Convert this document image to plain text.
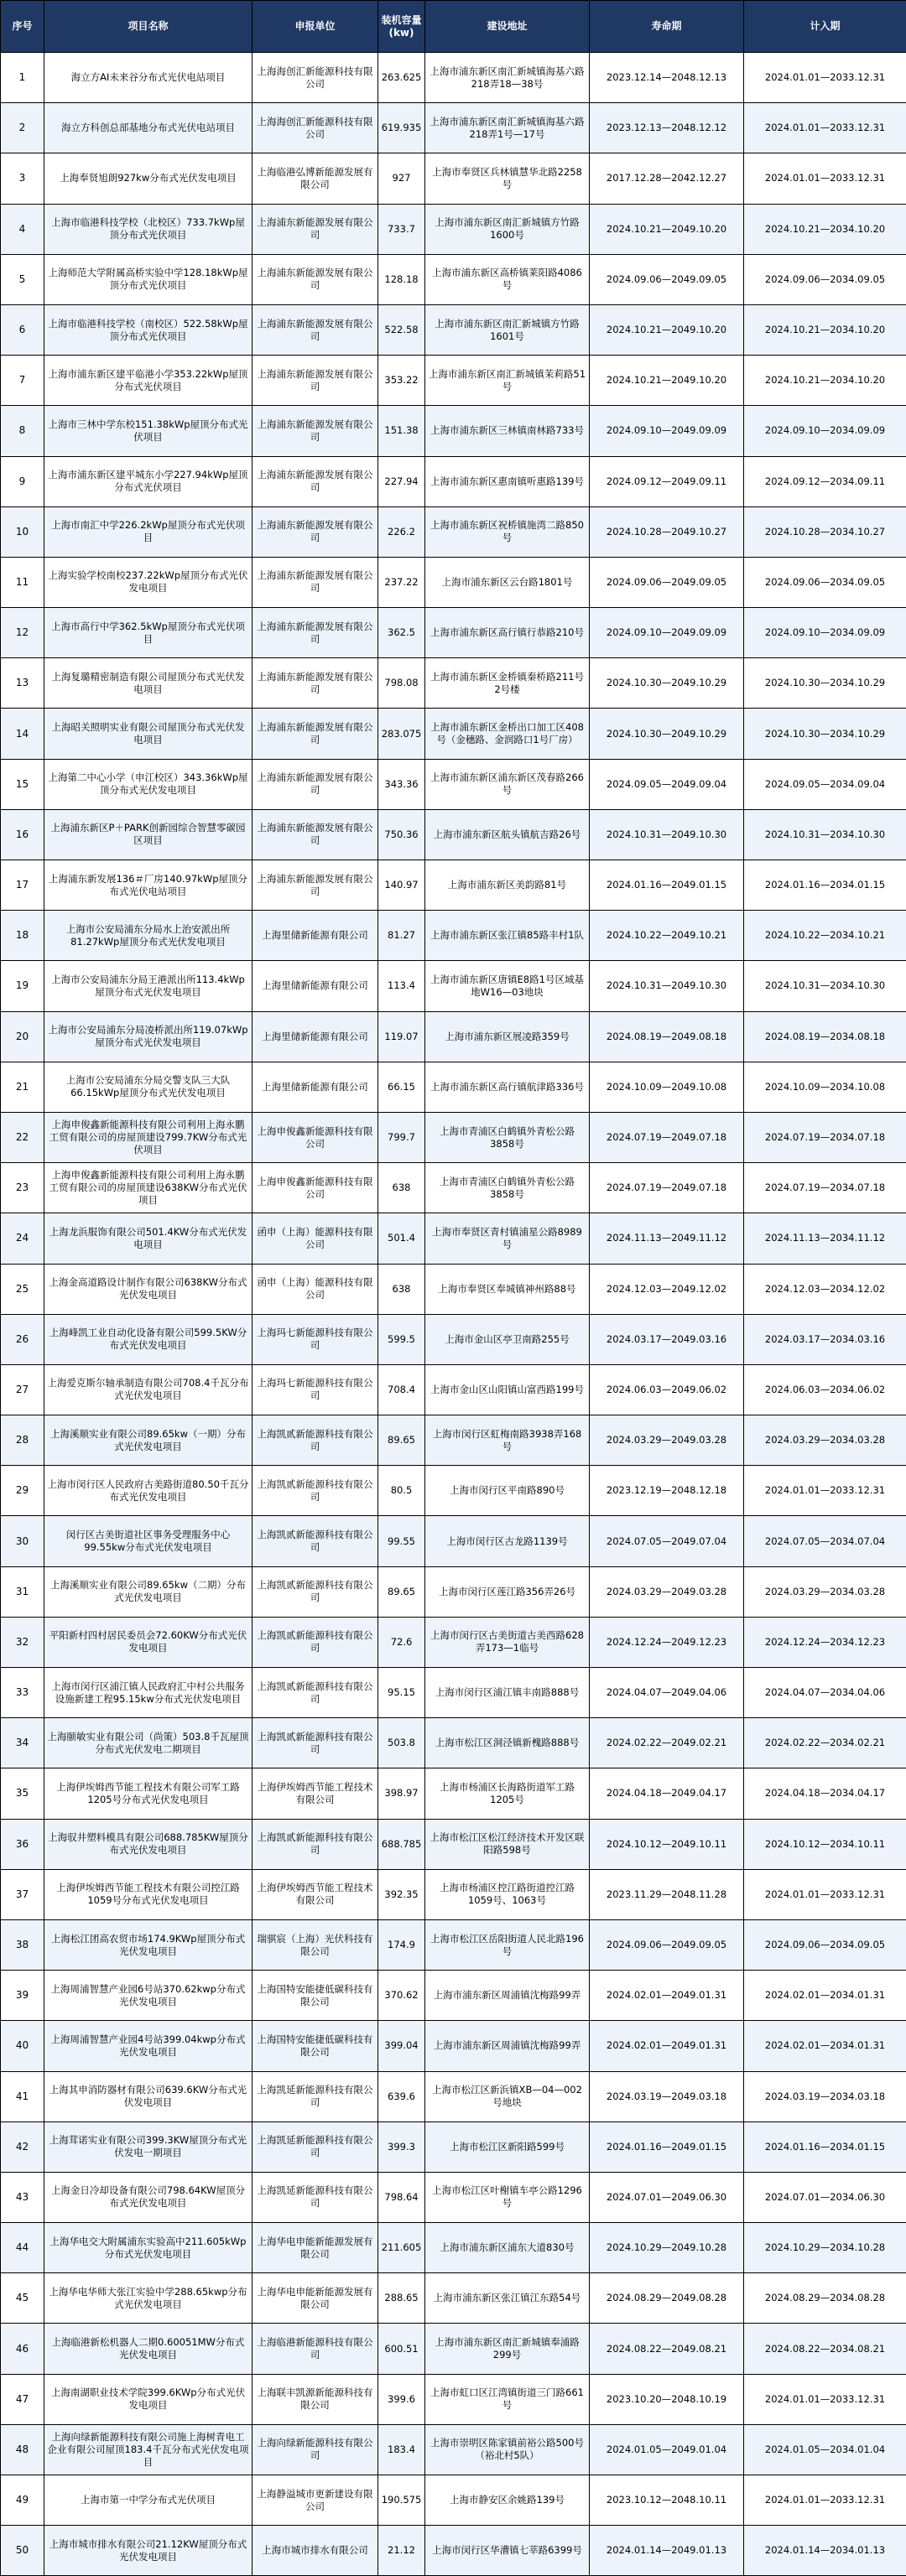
序号	项目名称	申报单位	装机容量(kw)	建设地址	寿命期	计入期
1	海立方AI未来谷分布式光伏电站项目	上海海创汇新能源科技有限公司	263.625	上海市浦东新区南汇新城镇海基六路218弄18—38号	2023.12.14—2048.12.13	2024.01.01—2033.12.31
2	海立方科创总部基地分布式光伏电站项目	上海海创汇新能源科技有限公司	619.935	上海市浦东新区南汇新城镇海基六路218弄1号—17号	2023.12.13—2048.12.12	2024.01.01—2033.12.31
3	上海奉贤旭朗927kw分布式光伏发电项目	上海临港弘博新能源发展有限公司	927	上海市奉贤区兵林镇慧华北路2258号	2017.12.28—2042.12.27	2024.01.01—2033.12.31
4	上海市临港科技学校（北校区）733.7kWp屋顶分布式光伏项目	上海浦东新能源发展有限公司	733.7	上海市浦东新区南汇新城镇方竹路1600号	2024.10.21—2049.10.20	2024.10.21—2034.10.20
5	上海师范大学附属高桥实验中学128.18kWp屋顶分布式光伏项目	上海浦东新能源发展有限公司	128.18	上海市浦东新区高桥镇莱阳路4086号	2024.09.06—2049.09.05	2024.09.06—2034.09.05
6	上海市临港科技学校（南校区）522.58kWp屋顶分布式光伏项目	上海浦东新能源发展有限公司	522.58	上海市浦东新区南汇新城镇方竹路1601号	2024.10.21—2049.10.20	2024.10.21—2034.10.20
7	上海市浦东新区建平临港小学353.22kWp屋顶分布式光伏项目	上海浦东新能源发展有限公司	353.22	上海市浦东新区南汇新城镇茉莉路51号	2024.10.21—2049.10.20	2024.10.21—2034.10.20
8	上海市三林中学东校151.38kWp屋顶分布式光伏项目	上海浦东新能源发展有限公司	151.38	上海市浦东新区三林镇南林路733号	2024.09.10—2049.09.09	2024.09.10—2034.09.09
9	上海市浦东新区建平城东小学227.94kWp屋顶分布式光伏项目	上海浦东新能源发展有限公司	227.94	上海市浦东新区惠南镇听惠路139号	2024.09.12—2049.09.11	2024.09.12—2034.09.11
10	上海市南汇中学226.2kWp屋顶分布式光伏项目	上海浦东新能源发展有限公司	226.2	上海市浦东新区祝桥镇施湾二路850号	2024.10.28—2049.10.27	2024.10.28—2034.10.27
11	上海实验学校南校237.22kWp屋顶分布式光伏发电项目	上海浦东新能源发展有限公司	237.22	上海市浦东新区云台路1801号	2024.09.06—2049.09.05	2024.09.06—2034.09.05
12	上海市高行中学362.5kWp屋顶分布式光伏项目	上海浦东新能源发展有限公司	362.5	上海市浦东新区高行镇行恭路210号	2024.09.10—2049.09.09	2024.09.10—2034.09.09
13	上海复璐精密制造有限公司屋顶分布式光伏发电项目	上海浦东新能源发展有限公司	798.08	上海市浦东新区金桥镇秦桥路211号2号楼	2024.10.30—2049.10.29	2024.10.30—2034.10.29
14	上海昭关照明实业有限公司屋顶分布式光伏发电项目	上海浦东新能源发展有限公司	283.075	上海市浦东新区金桥出口加工区408号（金穗路、金润路口1号厂房）	2024.10.30—2049.10.29	2024.10.30—2034.10.29
15	上海第二中心小学（申江校区）343.36kWp屋顶分布式光伏发电项目	上海浦东新能源发展有限公司	343.36	上海市浦东新区浦东新区茂春路266号	2024.09.05—2049.09.04	2024.09.05—2034.09.04
16	上海浦东新区P＋PARK创新园综合智慧零碳园区项目	上海浦东新能源发展有限公司	750.36	上海市浦东新区航头镇航吉路26号	2024.10.31—2049.10.30	2024.10.31—2034.10.30
17	上海浦东新发展136＃厂房140.97kWp屋顶分布式光伏电站项目	上海浦东新能源发展有限公司	140.97	上海市浦东新区美韵路81号	2024.01.16—2049.01.15	2024.01.16—2034.01.15
18	上海市公安局浦东分局水上治安派出所81.27kWp屋顶分布式光伏发电项目	上海里储新能源有限公司	81.27	上海市浦东新区张江镇85路丰村1队	2024.10.22—2049.10.21	2024.10.22—2034.10.21
19	上海市公安局浦东分局王港派出所113.4kWp屋顶分布式光伏发电项目	上海里储新能源有限公司	113.4	上海市浦东新区唐镇E8路1号区域基地W16—03地块	2024.10.31—2049.10.30	2024.10.31—2034.10.30
20	上海市公安局浦东分局凌桥派出所119.07kWp屋顶分布式光伏发电项目	上海里储新能源有限公司	119.07	上海市浦东新区展凌路359号	2024.08.19—2049.08.18	2024.08.19—2034.08.18
21	上海市公安局浦东分局交警支队三大队66.15kWp屋顶分布式光伏发电项目	上海里储新能源有限公司	66.15	上海市浦东新区高行镇航津路336号	2024.10.09—2049.10.08	2024.10.09—2034.10.08
22	上海申俊鑫新能源科技有限公司利用上海永鹏工贸有限公司的房屋顶建设799.7KW分布式光伏项目	上海申俊鑫新能源科技有限公司	799.7	上海市青浦区白鹤镇外青松公路3858号	2024.07.19—2049.07.18	2024.07.19—2034.07.18
23	上海申俊鑫新能源科技有限公司利用上海永鹏工贸有限公司的房屋顶建设638KW分布式光伏项目	上海申俊鑫新能源科技有限公司	638	上海市青浦区白鹤镇外青松公路3858号	2024.07.19—2049.07.18	2024.07.19—2034.07.18
24	上海龙浜服饰有限公司501.4KW分布式光伏发电项目	函申（上海）能源科技有限公司	501.4	上海市奉贤区青村镇浦星公路8989号	2024.11.13—2049.11.12	2024.11.13—2034.11.12
25	上海金高道路设计制作有限公司638KW分布式光伏发电项目	函申（上海）能源科技有限公司	638	上海市奉贤区奉城镇神州路88号	2024.12.03—2049.12.02	2024.12.03—2034.12.02
26	上海峰凯工业自动化设备有限公司599.5KW分布式光伏发电项目	上海玛七新能源科技有限公司	599.5	上海市金山区亭卫南路255号	2024.03.17—2049.03.16	2024.03.17—2034.03.16
27	上海爱克斯尔轴承制造有限公司708.4千瓦分布式光伏发电项目	上海玛七新能源科技有限公司	708.4	上海市金山区山阳镇山富西路199号	2024.06.03—2049.06.02	2024.06.03—2034.06.02
28	上海溪顺实业有限公司89.65kw（一期）分布式光伏发电项目	上海凯贰新能源科技有限公司	89.65	上海市闵行区虹梅南路3938弄168号	2024.03.29—2049.03.28	2024.03.29—2034.03.28
29	上海市闵行区人民政府古美路街道80.50千瓦分布式光伏发电项目	上海凯贰新能源科技有限公司	80.5	上海市闵行区平南路890号	2023.12.19—2048.12.18	2024.01.01—2033.12.31
30	闵行区古美街道社区事务受理服务中心99.55kw分布式光伏发电项目	上海凯贰新能源科技有限公司	99.55	上海市闵行区古龙路1139号	2024.07.05—2049.07.04	2024.07.05—2034.07.04
31	上海溪顺实业有限公司89.65kw（二期）分布式光伏发电项目	上海凯贰新能源科技有限公司	89.65	上海市闵行区莲江路356弄26号	2024.03.29—2049.03.28	2024.03.29—2034.03.28
32	平阳新村四村居民委员会72.60KW分布式光伏发电项目	上海凯贰新能源科技有限公司	72.6	上海市闵行区古美街道古美西路628弄173—1临号	2024.12.24—2049.12.23	2024.12.24—2034.12.23
33	上海市闵行区浦江镇人民政府汇中村公共服务设施新建工程95.15kw分布式光伏发电项目	上海凯贰新能源科技有限公司	95.15	上海市闵行区浦江镇丰南路888号	2024.04.07—2049.04.06	2024.04.07—2034.04.06
34	上海颐敏实业有限公司（尚策）503.8千瓦屋顶分布式光伏发电二期项目	上海凯贰新能源科技有限公司	503.8	上海市松江区洞泾镇新槐路888号	2024.02.22—2049.02.21	2024.02.22—2034.02.21
35	上海伊埃姆西节能工程技术有限公司军工路1205号分布式光伏发电项目	上海伊埃姆西节能工程技术有限公司	398.97	上海市杨浦区长海路街道军工路1205号	2024.04.18—2049.04.17	2024.04.18—2034.04.17
36	上海驭井塑料模具有限公司688.785KW屋顶分布式光伏发电项目	上海凯贰新能源科技有限公司	688.785	上海市松江区松江经济技术开发区联阳路598号	2024.10.12—2049.10.11	2024.10.12—2034.10.11
37	上海伊埃姆西节能工程技术有限公司控江路1059号分布式光伏发电项目	上海伊埃姆西节能工程技术有限公司	392.35	上海市杨浦区控江路街道控江路1059号、1063号	2023.11.29—2048.11.28	2024.01.01—2033.12.31
38	上海松江团高农贸市场174.9KWp屋顶分布式光伏发电项目	瑞骐宸（上海）光伏科技有限公司	174.9	上海市松江区岳阳街道人民北路196号	2024.09.06—2049.09.05	2024.09.06—2034.09.05
39	上海周浦智慧产业园6号站370.62kwp分布式光伏发电项目	上海国特安能捷低碳科技有限公司	370.62	上海市浦东新区周浦镇沈梅路99弄	2024.02.01—2049.01.31	2024.02.01—2034.01.31
40	上海周浦智慧产业园4号站399.04kwp分布式光伏发电项目	上海国特安能捷低碳科技有限公司	399.04	上海市浦东新区周浦镇沈梅路99弄	2024.02.01—2049.01.31	2024.02.01—2034.01.31
41	上海其申消防器材有限公司639.6KW分布式光伏发电项目	上海凯延新能源科技有限公司	639.6	上海市松江区新浜镇XB—04—002号地块	2024.03.19—2049.03.18	2024.03.19—2034.03.18
42	上海茸诺实业有限公司399.3KW屋顶分布式光伏发电一期项目	上海凯延新能源科技有限公司	399.3	上海市松江区新阳路599号	2024.01.16—2049.01.15	2024.01.16—2034.01.15
43	上海金日冷却设备有限公司798.64KW屋顶分布式光伏发电项目	上海凯延新能源科技有限公司	798.64	上海市松江区叶榭镇车亭公路1296号	2024.07.01—2049.06.30	2024.07.01—2034.06.30
44	上海华电交大附属浦东实验高中211.605kWp分布式光伏发电项目	上海华电申能新能源发展有限公司	211.605	上海市浦东新区浦东大道830号	2024.10.29—2049.10.28	2024.10.29—2034.10.28
45	上海华电华师大张江实验中学288.65kwp分布式光伏发电项目	上海华电申能新能源发展有限公司	288.65	上海市浦东新区张江镇江东路54号	2024.08.29—2049.08.28	2024.08.29—2034.08.28
46	上海临港新松机器人二期0.60051MW分布式光伏发电项目	上海临港新能源科技有限公司	600.51	上海市浦东新区南汇新城镇奉浦路299号	2024.08.22—2049.08.21	2024.08.22—2034.08.21
47	上海南湖职业技术学院399.6KWp分布式光伏发电项目	上海联丰凯源新能源科技有限公司	399.6	上海市虹口区江湾镇街道三门路661号	2023.10.20—2048.10.19	2024.01.01—2033.12.31
48	上海向绿新能源科技有限公司施上海树青电工企业有限公司屋顶183.4千瓦分布式光伏发电项目	上海向绿新能源科技有限公司	183.4	上海市崇明区陈家镇前裕公路500号（裕北村5队）	2024.01.05—2049.01.04	2024.01.05—2034.01.04
49	上海市第一中学分布式光伏项目	上海静溢城市更新建设有限公司	190.575	上海市静安区余姚路139号	2023.10.12—2048.10.11	2024.01.01—2033.12.31
50	上海市城市排水有限公司21.12KW屋顶分布式光伏发电项目	上海市城市排水有限公司	21.12	上海市闵行区华漕镇七莘路6399号	2024.01.14—2049.01.13	2024.01.14—2034.01.13
